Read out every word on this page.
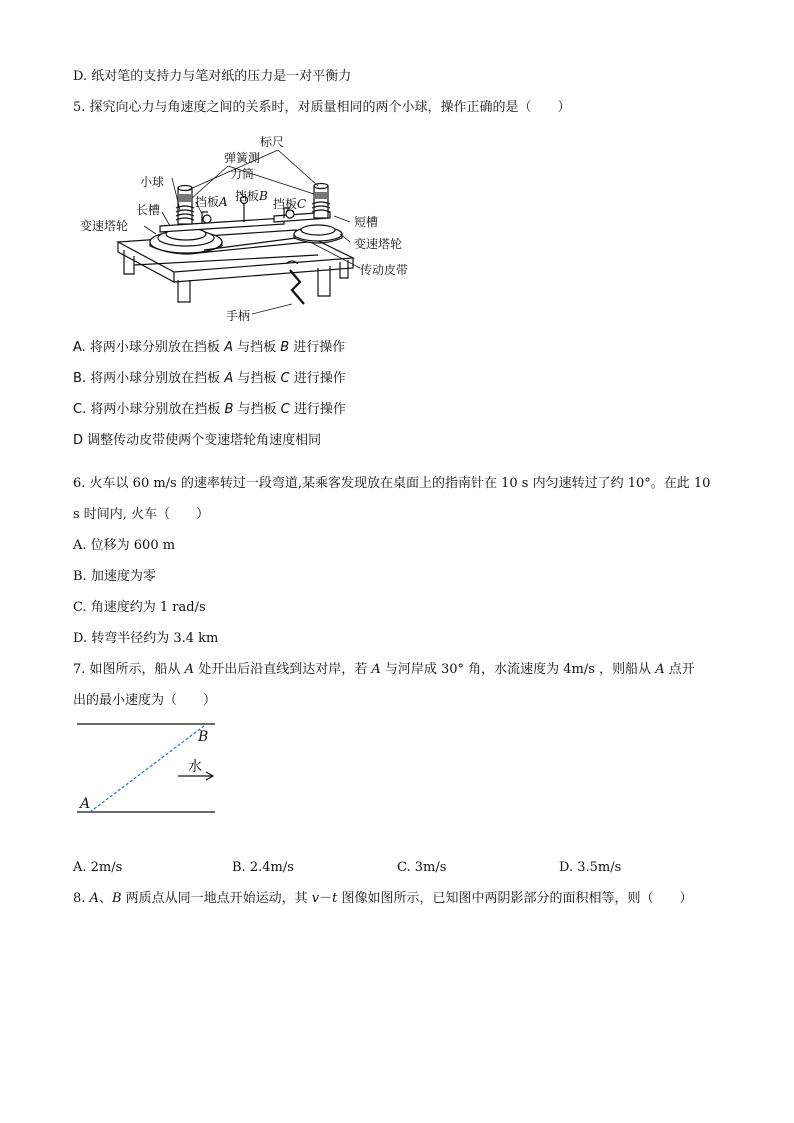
D. 纸对笔的支持力与笔对纸的压力是一对平衡力
5. 探究向心力与角速度之间的关系时，对质量相同的两个小球，操作正确的是（　　）
标尺
弹簧测
力筒
小球
挡板B
挡板A	挡板C
长槽
变速塔轮	短槽
变速塔轮
传动皮带
手柄
A. 将两小球分别放在挡板 A 与挡板 B 进行操作
B. 将两小球分别放在挡板 A 与挡板 C 进行操作
C. 将两小球分别放在挡板 B 与挡板 C 进行操作
D 调整传动皮带使两个变速塔轮角速度相同
6. 火车以 60 m/s 的速率转过一段弯道,某乘客发现放在桌面上的指南针在 10 s 内匀速转过了约 10°。在此 10
s 时间内, 火车（　　）
A. 位移为 600 m
B. 加速度为零
C. 角速度约为 1 rad/s
D. 转弯半径约为 3.4 km
7. 如图所示，船从 A 处开出后沿直线到达对岸，若 A 与河岸成 30° 角，水流速度为 4m/s ，则船从 A 点开
出的最小速度为（　　）
水
B
A
A. 2m/s	B. 2.4m/s	C. 3m/s	D. 3.5m/s
8. A、B 两质点从同一地点开始运动，其 v－t 图像如图所示，已知图中两阴影部分的面积相等，则（　　）
